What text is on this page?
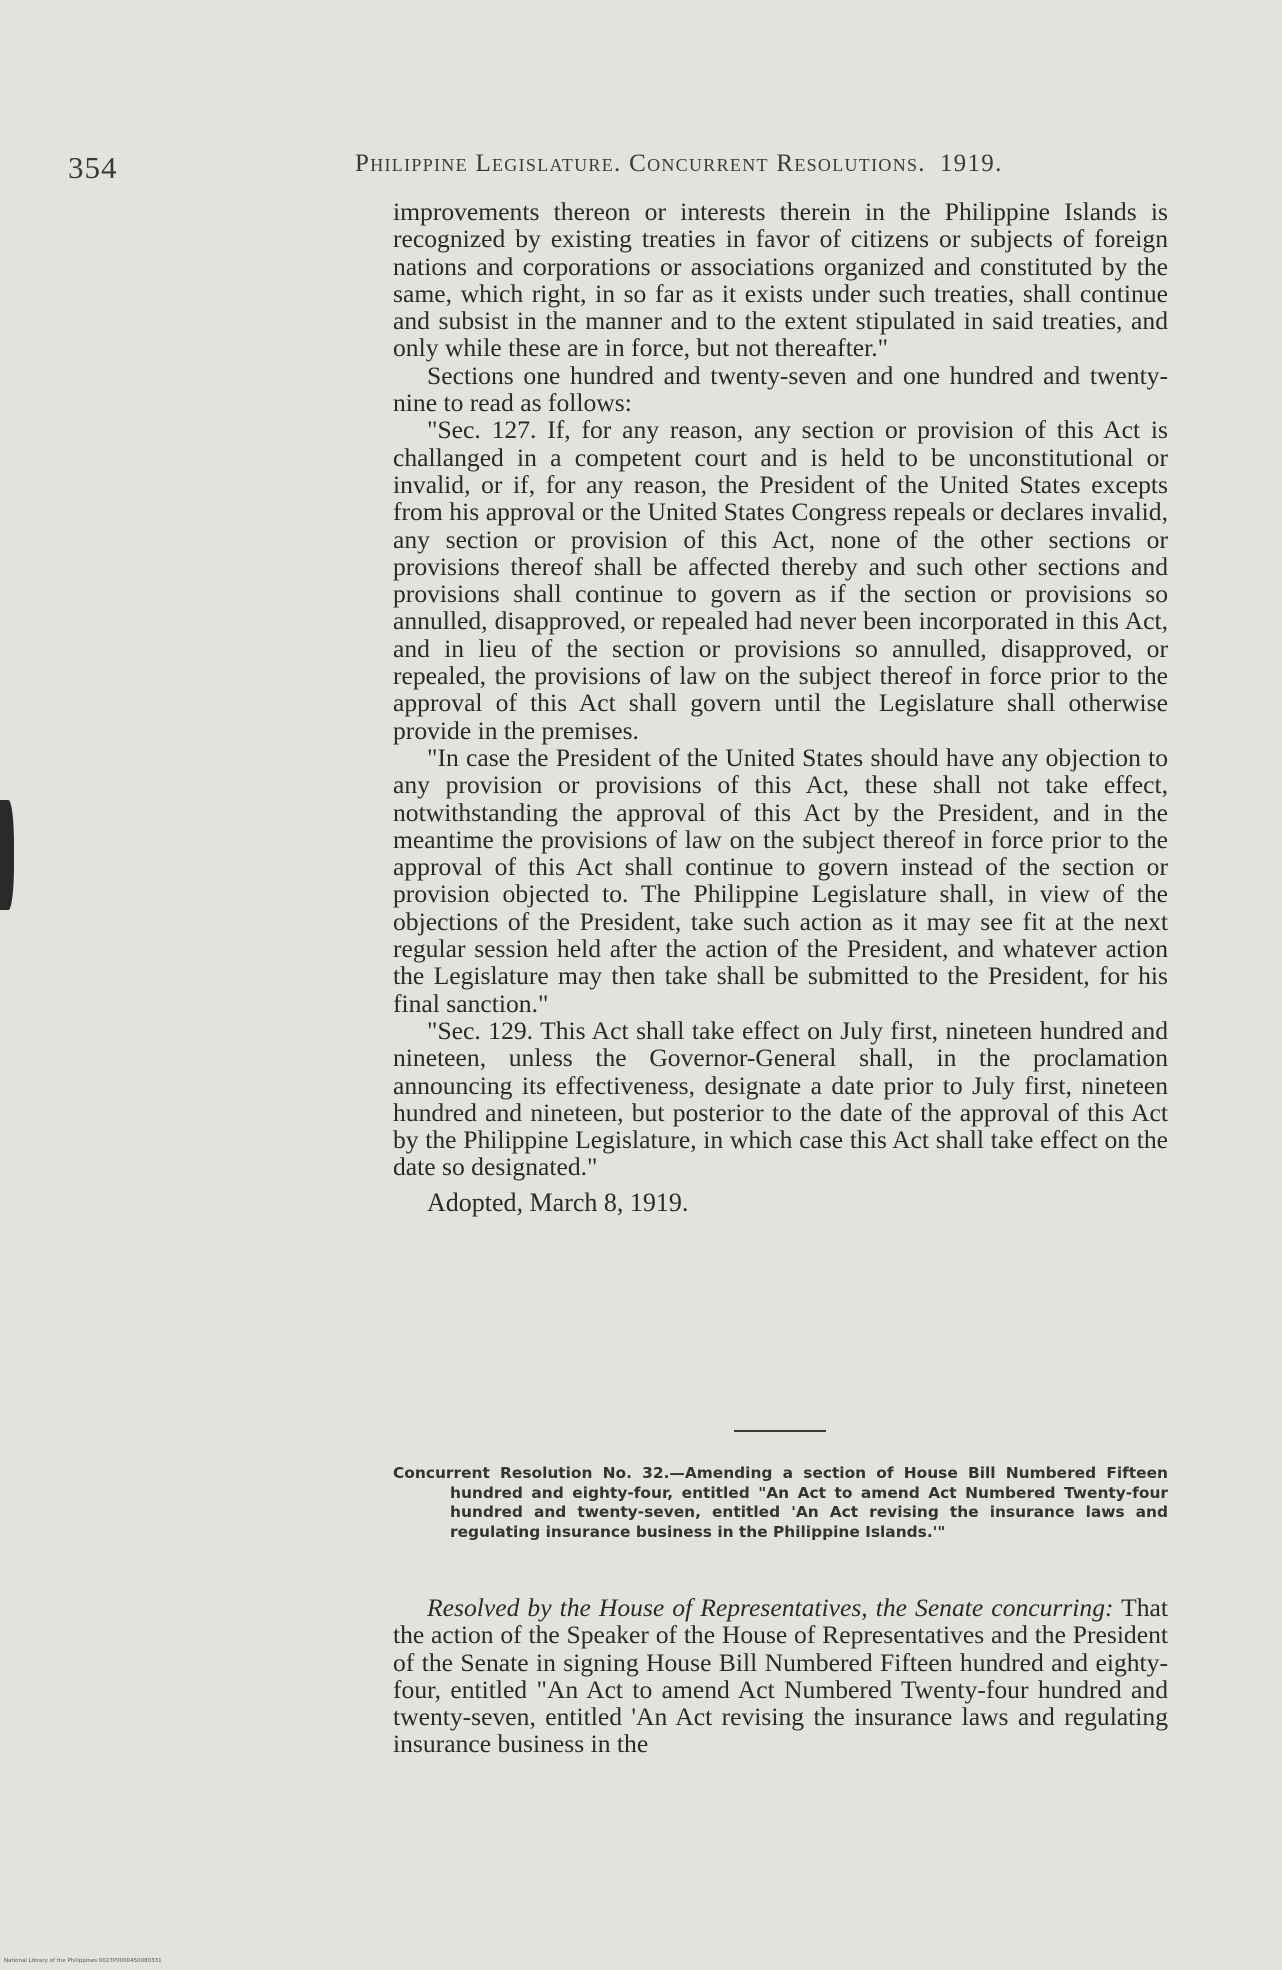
354	Philippine Legislature. Concurrent Resolutions. 1919.

improvements thereon or interests therein in the Philippine Islands is recognized by existing treaties in favor of citizens or subjects of foreign nations and corporations or associations organized and constituted by the same, which right, in so far as it exists under such treaties, shall continue and subsist in the manner and to the extent stipulated in said treaties, and only while these are in force, but not thereafter."

Sections one hundred and twenty-seven and one hundred and twenty-nine to read as follows:

"Sec. 127. If, for any reason, any section or provision of this Act is challanged in a competent court and is held to be unconstitutional or invalid, or if, for any reason, the President of the United States excepts from his approval or the United States Congress repeals or declares invalid, any section or provision of this Act, none of the other sections or provisions thereof shall be affected thereby and such other sections and provisions shall continue to govern as if the section or provisions so annulled, disapproved, or repealed had never been incorporated in this Act, and in lieu of the section or provisions so annulled, disapproved, or repealed, the provisions of law on the subject thereof in force prior to the approval of this Act shall govern until the Legislature shall otherwise provide in the premises.

"In case the President of the United States should have any objection to any provision or provisions of this Act, these shall not take effect, notwithstanding the approval of this Act by the President, and in the meantime the provisions of law on the subject thereof in force prior to the approval of this Act shall continue to govern instead of the section or provision objected to. The Philippine Legislature shall, in view of the objections of the President, take such action as it may see fit at the next regular session held after the action of the President, and whatever action the Legislature may then take shall be submitted to the President, for his final sanction."

"Sec. 129. This Act shall take effect on July first, nineteen hundred and nineteen, unless the Governor-General shall, in the proclamation announcing its effectiveness, designate a date prior to July first, nineteen hundred and nineteen, but posterior to the date of the approval of this Act by the Philippine Legislature, in which case this Act shall take effect on the date so designated."

Adopted, March 8, 1919.

Concurrent Resolution No. 32.—Amending a section of House Bill Numbered Fifteen hundred and eighty-four, entitled "An Act to amend Act Numbered Twenty-four hundred and twenty-seven, entitled 'An Act revising the insurance laws and regulating insurance business in the Philippine Islands.'"

Resolved by the House of Representatives, the Senate concurring: That the action of the Speaker of the House of Representatives and the President of the Senate in signing House Bill Numbered Fifteen hundred and eighty-four, entitled "An Act to amend Act Numbered Twenty-four hundred and twenty-seven, entitled 'An Act revising the insurance laws and regulating insurance business in the

National Library of the Philippines 0027P0000450080331
